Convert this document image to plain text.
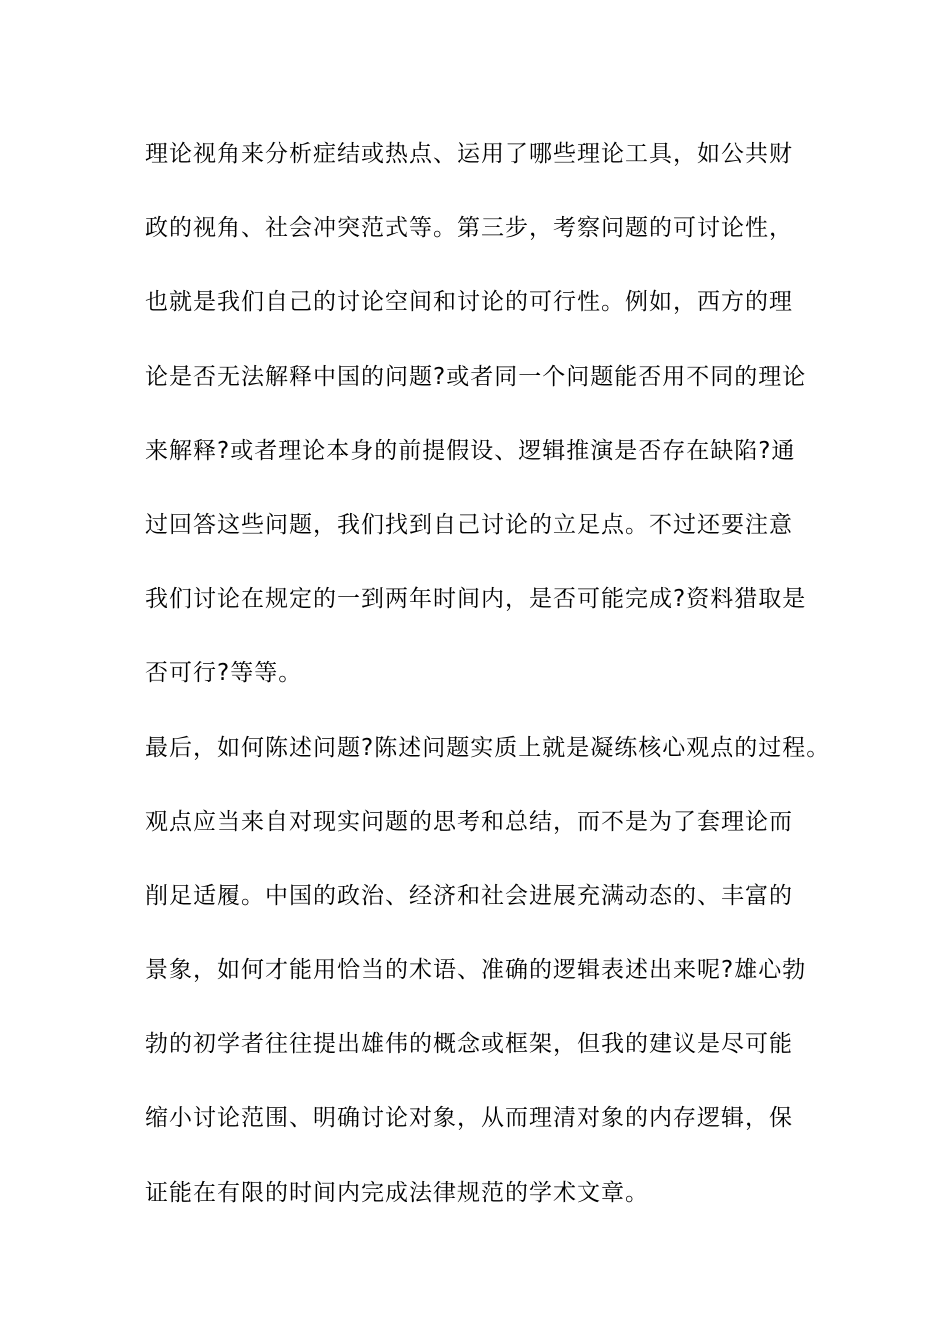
理论视角来分析症结或热点、运用了哪些理论工具，如公共财
政的视角、社会冲突范式等。第三步，考察问题的可讨论性，
也就是我们自己的讨论空间和讨论的可行性。例如，西方的理
论是否无法解释中国的问题?或者同一个问题能否用不同的理论
来解释?或者理论本身的前提假设、逻辑推演是否存在缺陷?通
过回答这些问题，我们找到自己讨论的立足点。不过还要注意
我们讨论在规定的一到两年时间内，是否可能完成?资料猎取是
否可行?等等。
最后，如何陈述问题?陈述问题实质上就是凝练核心观点的过程。
观点应当来自对现实问题的思考和总结，而不是为了套理论而
削足适履。中国的政治、经济和社会进展充满动态的、丰富的
景象，如何才能用恰当的术语、准确的逻辑表述出来呢?雄心勃
勃的初学者往往提出雄伟的概念或框架，但我的建议是尽可能
缩小讨论范围、明确讨论对象，从而理清对象的内存逻辑，保
证能在有限的时间内完成法律规范的学术文章。
